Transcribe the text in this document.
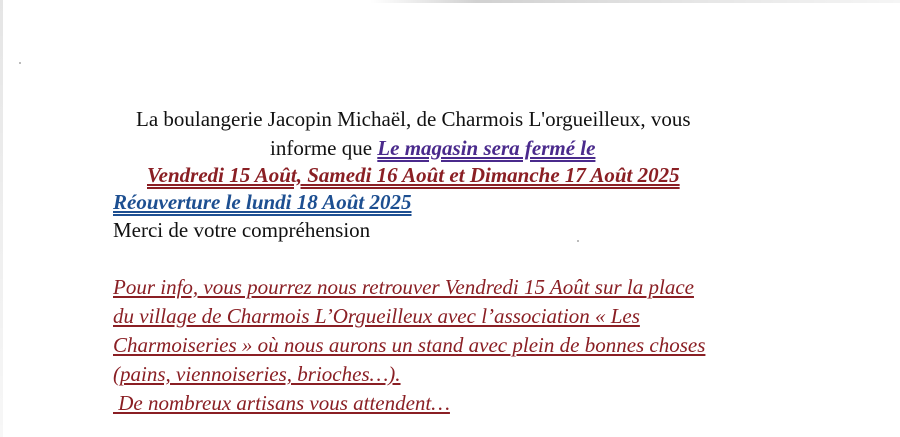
La boulangerie Jacopin Michaël, de Charmois L'orgueilleux, vous
informe que Le magasin sera fermé le
Vendredi 15 Août, Samedi 16 Août et Dimanche 17 Août 2025
Réouverture le lundi 18 Août 2025
Merci de votre compréhension
Pour info, vous pourrez nous retrouver Vendredi 15 Août sur la place
du village de Charmois L’Orgueilleux avec l’association « Les
Charmoiseries » où nous aurons un stand avec plein de bonnes choses
(pains, viennoiseries, brioches…).
De nombreux artisans vous attendent…
